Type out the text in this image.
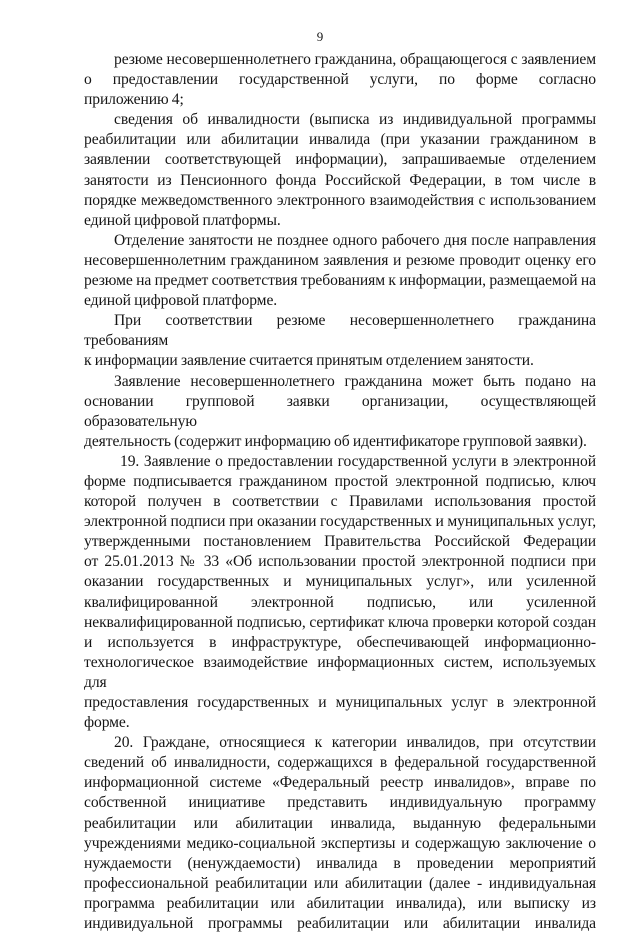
9
резюме несовершеннолетнего гражданина, обращающегося с заявлением
о предоставлении государственной услуги, по форме согласно
приложению 4;
сведения об инвалидности (выписка из индивидуальной программы
реабилитации или абилитации инвалида (при указании гражданином в
заявлении соответствующей информации), запрашиваемые отделением
занятости из Пенсионного фонда Российской Федерации, в том числе в
порядке межведомственного электронного взаимодействия с использованием
единой цифровой платформы.
Отделение занятости не позднее одного рабочего дня после направления
несовершеннолетним гражданином заявления и резюме проводит оценку его
резюме на предмет соответствия требованиям к информации, размещаемой на
единой цифровой платформе.
При соответствии резюме несовершеннолетнего гражданина требованиям
к информации заявление считается принятым отделением занятости.
Заявление несовершеннолетнего гражданина может быть подано на
основании групповой заявки организации, осуществляющей образовательную
деятельность (содержит информацию об идентификаторе групповой заявки).
19. Заявление о предоставлении государственной услуги в электронной
форме подписывается гражданином простой электронной подписью, ключ
которой получен в соответствии с Правилами использования простой
электронной подписи при оказании государственных и муниципальных услуг,
утвержденными постановлением Правительства Российской Федерации
от 25.01.2013 № 33 «Об использовании простой электронной подписи при
оказании государственных и муниципальных услуг», или усиленной
квалифицированной электронной подписью, или усиленной
неквалифицированной подписью, сертификат ключа проверки которой создан
и используется в инфраструктуре, обеспечивающей информационно-
технологическое взаимодействие информационных систем, используемых для
предоставления государственных и муниципальных услуг в электронной
форме.
20. Граждане, относящиеся к категории инвалидов, при отсутствии
сведений об инвалидности, содержащихся в федеральной государственной
информационной системе «Федеральный реестр инвалидов», вправе по
собственной инициативе представить индивидуальную программу
реабилитации или абилитации инвалида, выданную федеральными
учреждениями медико-социальной экспертизы и содержащую заключение о
нуждаемости (ненуждаемости) инвалида в проведении мероприятий
профессиональной реабилитации или абилитации (далее - индивидуальная
программа реабилитации или абилитации инвалида), или выписку из
индивидуальной программы реабилитации или абилитации инвалида
